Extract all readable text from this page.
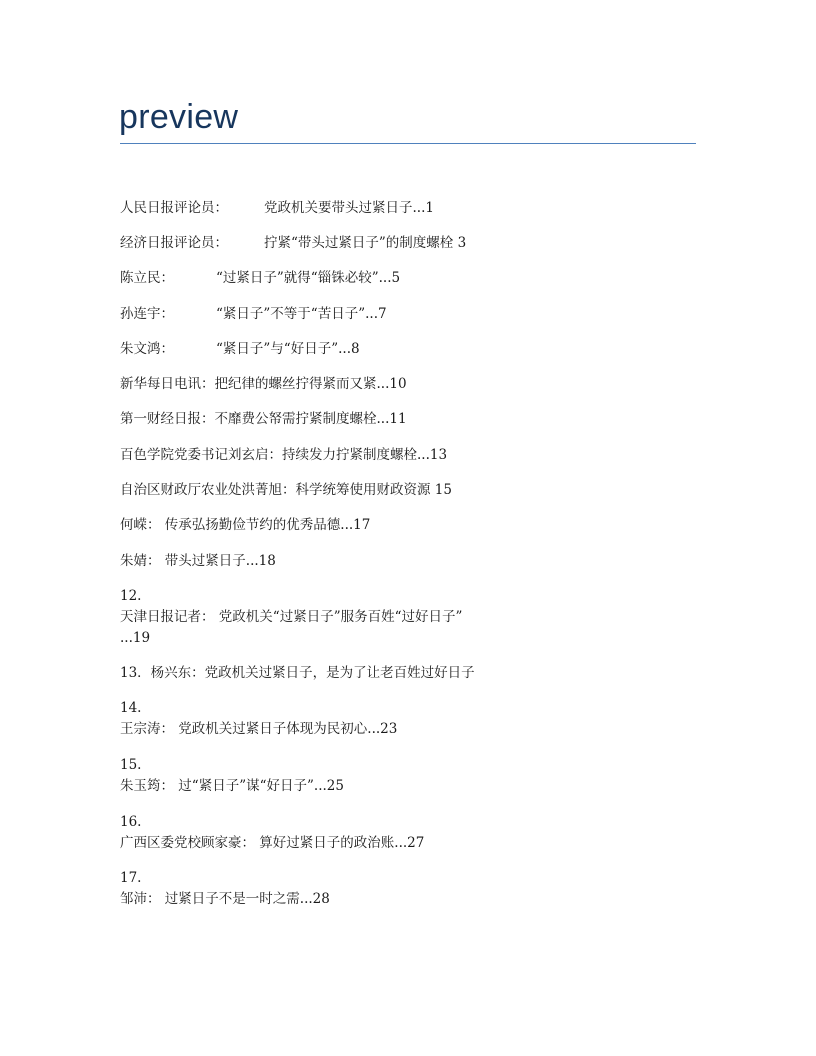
preview
人民日报评论员：	党政机关要带头过紧日子...1
经济日报评论员：	拧紧“带头过紧日子”的制度螺栓 3
陈立民：	“过紧日子”就得“锱铢必较”...5
孙连宇：	“紧日子”不等于“苦日子”...7
朱文鸿：	“紧日子”与“好日子”...8
新华每日电讯：把纪律的螺丝拧得紧而又紧...10
第一财经日报：不靡费公帑需拧紧制度螺栓...11
百色学院党委书记刘玄启：持续发力拧紧制度螺栓...13
自治区财政厅农业处洪菁旭：科学统筹使用财政资源 15
何嵘： 传承弘扬勤俭节约的优秀品德...17
朱婧： 带头过紧日子...18
12.
天津日报记者： 党政机关“过紧日子”服务百姓“过好日子”
...19
13．杨兴东：党政机关过紧日子，是为了让老百姓过好日子
14.
王宗涛： 党政机关过紧日子体现为民初心...23
15.
朱玉筠： 过“紧日子”谋“好日子”...25
16.
广西区委党校顾家豪： 算好过紧日子的政治账...27
17.
邹沛： 过紧日子不是一时之需...28
